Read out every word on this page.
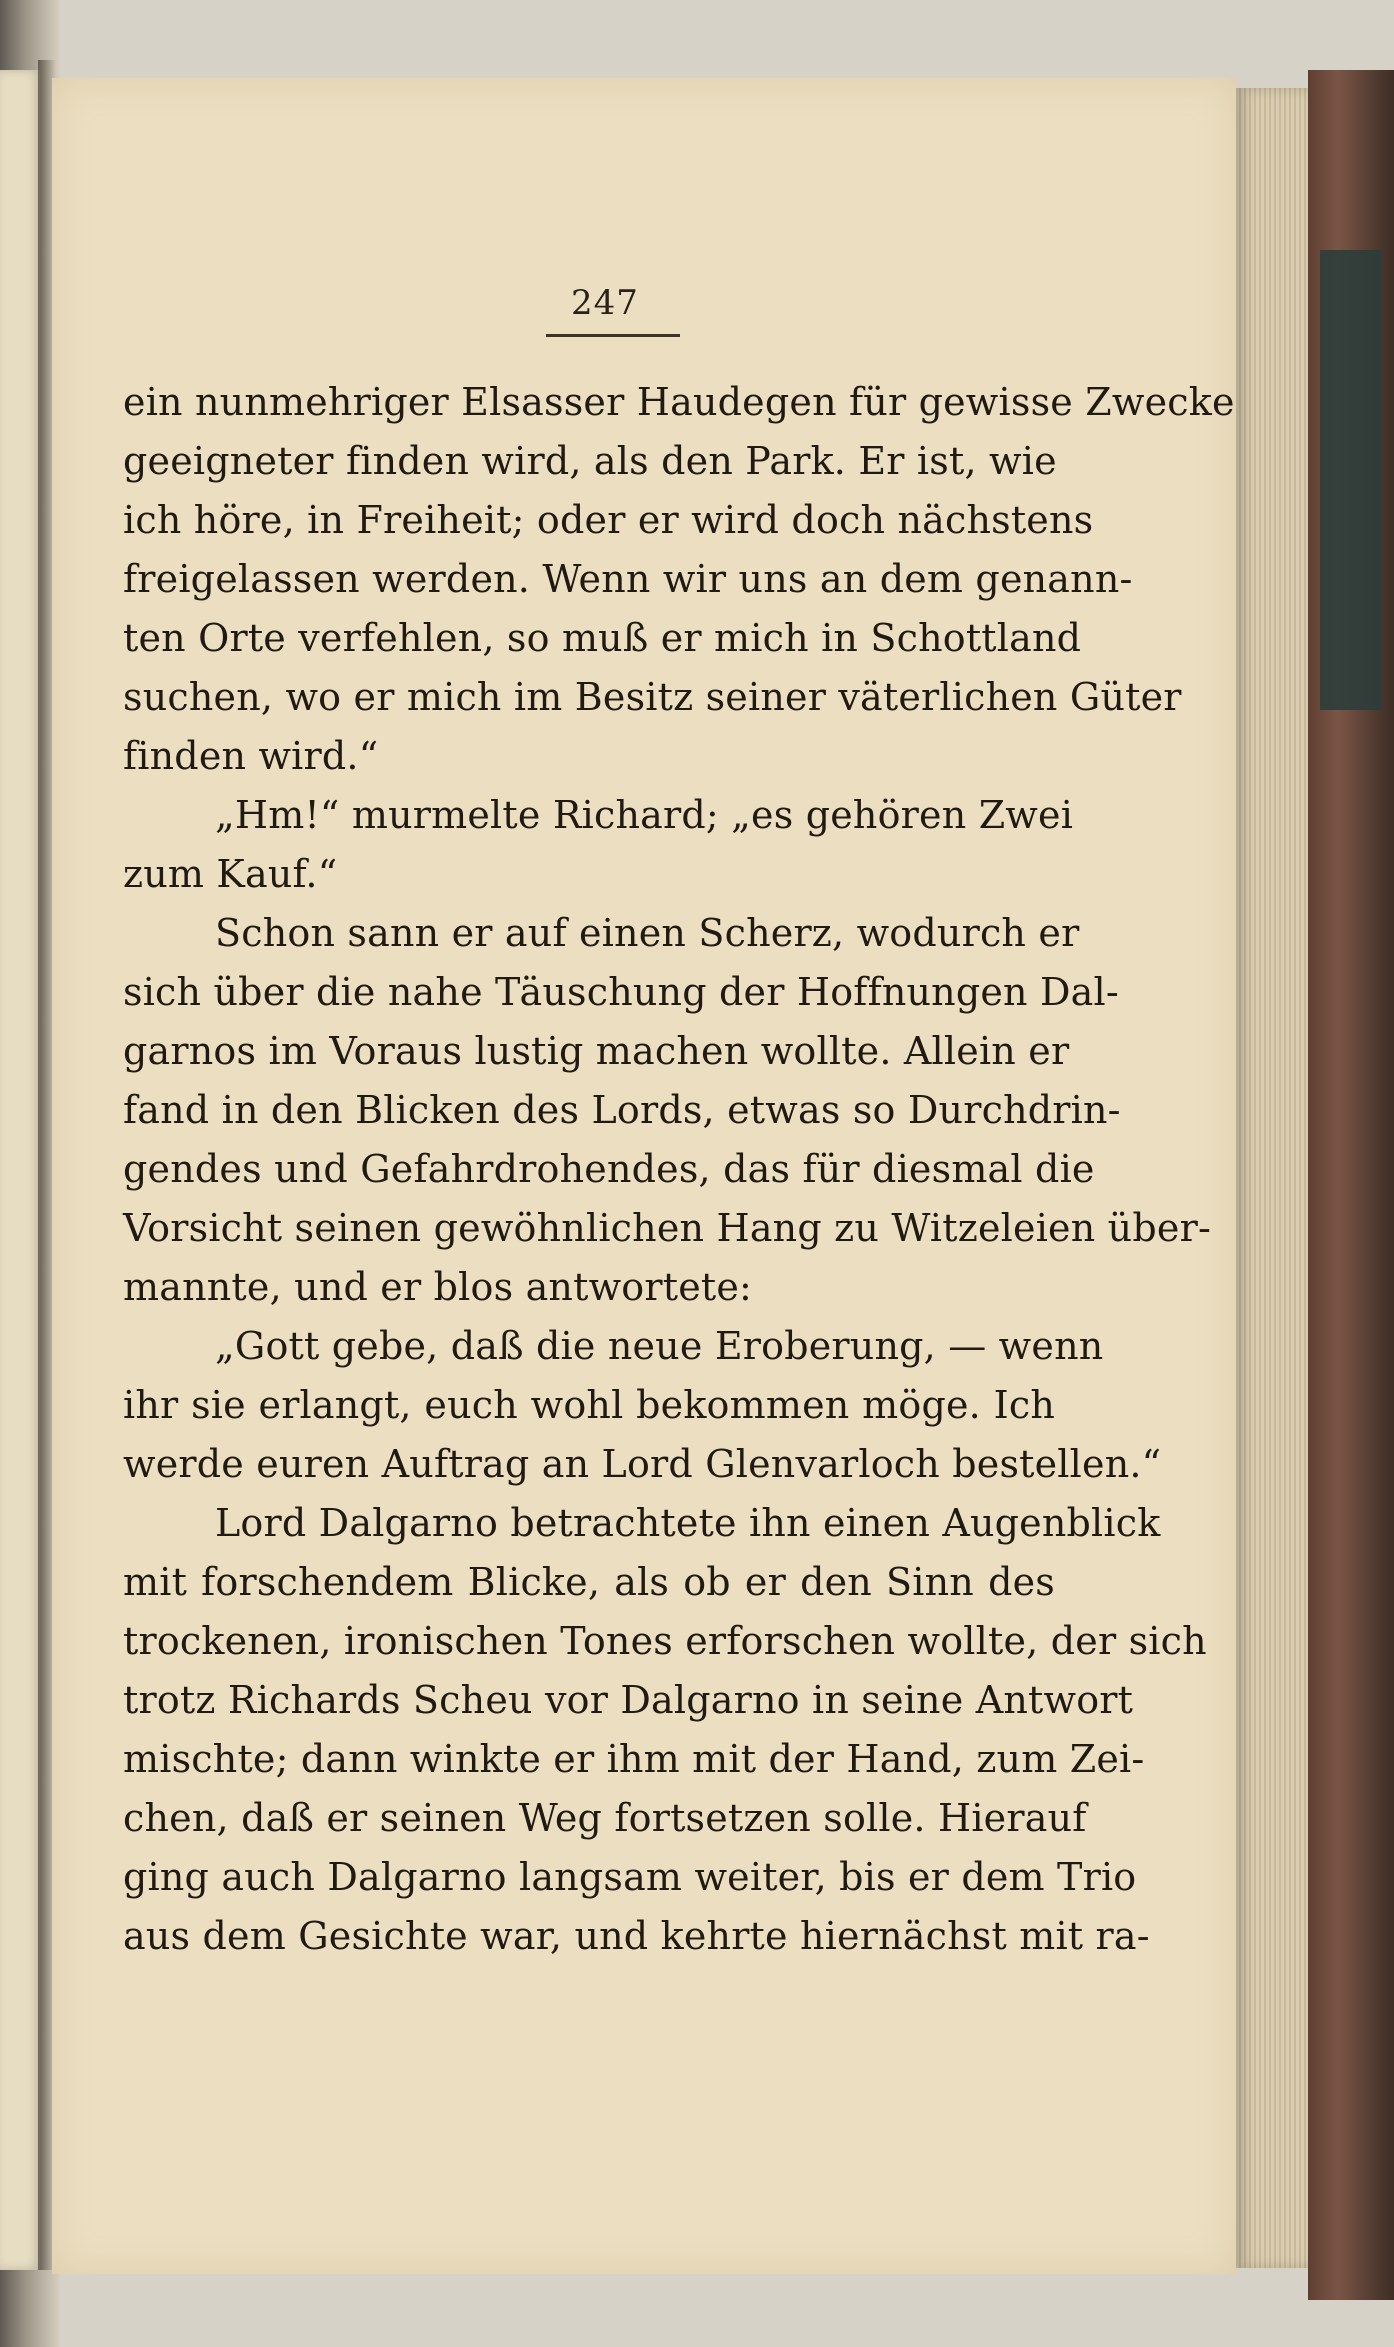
247
ein nunmehriger Elsasser Haudegen für gewisse Zwecke
geeigneter finden wird, als den Park. Er ist, wie
ich höre, in Freiheit; oder er wird doch nächstens
freigelassen werden. Wenn wir uns an dem genann-
ten Orte verfehlen, so muß er mich in Schottland
suchen, wo er mich im Besitz seiner väterlichen Güter
finden wird.“
„Hm!“ murmelte Richard; „es gehören Zwei
zum Kauf.“
Schon sann er auf einen Scherz, wodurch er
sich über die nahe Täuschung der Hoffnungen Dal-
garnos im Voraus lustig machen wollte. Allein er
fand in den Blicken des Lords, etwas so Durchdrin-
gendes und Gefahrdrohendes, das für diesmal die
Vorsicht seinen gewöhnlichen Hang zu Witzeleien über-
mannte, und er blos antwortete:
„Gott gebe, daß die neue Eroberung, — wenn
ihr sie erlangt, euch wohl bekommen möge. Ich
werde euren Auftrag an Lord Glenvarloch bestellen.“
Lord Dalgarno betrachtete ihn einen Augenblick
mit forschendem Blicke, als ob er den Sinn des
trockenen, ironischen Tones erforschen wollte, der sich
trotz Richards Scheu vor Dalgarno in seine Antwort
mischte; dann winkte er ihm mit der Hand, zum Zei-
chen, daß er seinen Weg fortsetzen solle. Hierauf
ging auch Dalgarno langsam weiter, bis er dem Trio
aus dem Gesichte war, und kehrte hiernächst mit ra-
